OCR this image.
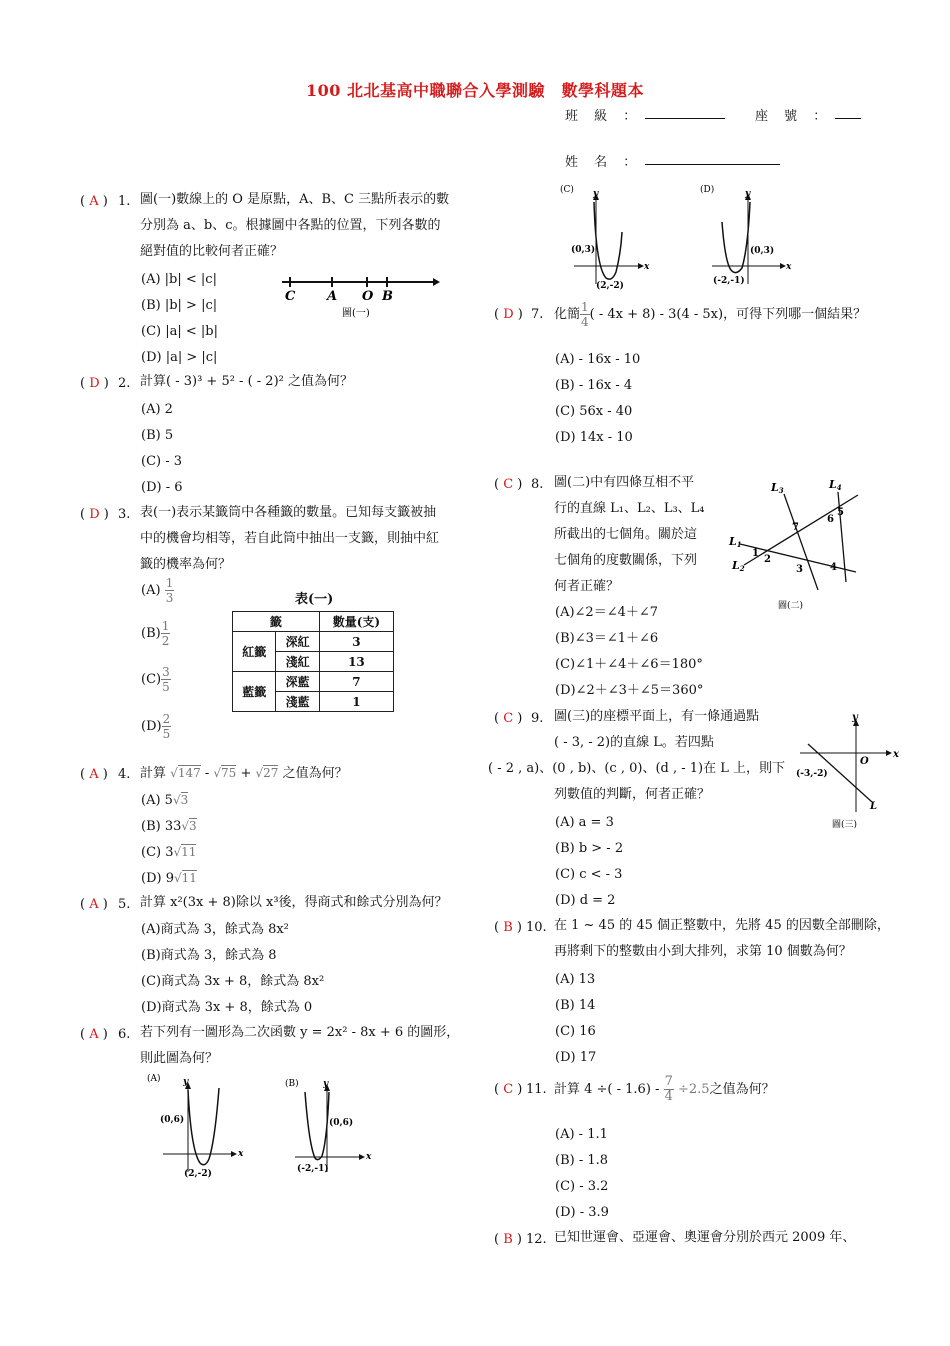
100 北北基高中職聯合入學測驗　數學科題本
班 級 ：	座 號 ：
姓 名 ：
( A ) 1. 圖(一)數線上的 O 是原點，A、B、C 三點所表示的數
分別為 a、b、c。根據圖中各點的位置，下列各數的
絕對值的比較何者正確？
(A) |b| < |c|
(B) |b| > |c|
(C) |a| < |b|
(D) |a| > |c|
C A O B
圖(一)
( D ) 2. 計算( - 3)³ + 5² - ( - 2)² 之值為何？
(A) 2
(B) 5
(C) - 3
(D) - 6
( D ) 3. 表(一)表示某籤筒中各種籤的數量。已知每支籤被抽
中的機會均相等，若自此筒中抽出一支籤，則抽中紅
籤的機率為何？
$(A) \frac{1}{3}$
$(B) \frac{1}{2}$
$(C) \frac{3}{5}$
$(D) \frac{2}{5}$
表(一)
籤		數量(支)
紅籤	深紅	3
	淺紅	13
藍籤	深藍	7
	淺藍	1
( A ) 4. 計算 √147 - √75 + √27 之值為何？
(A) 5√3
(B) 33√3
(C) 3√11
(D) 9√11
( A ) 5. 計算 x²(3x + 8)除以 x³後，得商式和餘式分別為何？
(A)商式為 3，餘式為 8x²
(B)商式為 3，餘式為 8
(C)商式為 3x + 8，餘式為 8x²
(D)商式為 3x + 8，餘式為 0
( A ) 6. 若下列有一圖形為二次函數 y = 2x² - 8x + 6 的圖形，
則此圖為何？
(A) y
x
(0,6)
(2,-2)
(B)	y
x
(0,6)
(-2,-1)
(C) y
x
(0,3)
(2,-2)
(D)	y
x
(0,3)
(-2,-1)
( D ) 7. 化簡 $\frac{1}{4}$ ( - 4x + 8) - 3(4 - 5x)，可得下列哪一個結果？
(A) - 16x - 10
(B) - 16x - 4
(C) 56x - 40
(D) 14x - 10
( C ) 8. 圖(二)中有四條互相不平
行的直線 L₁、L₂、L₃、L₄
所截出的七個角。關於這
七個角的度數關係，下列
何者正確？
(A)∠2＝∠4＋∠7
(B)∠3＝∠1＋∠6
(C)∠1＋∠4＋∠6＝180°
(D)∠2＋∠3＋∠5＝360°
L3	L4
L1
L2
1
2
3	4
5
6
7
圖(二)
( C ) 9. 圖(三)的座標平面上，有一條通過點
( - 3, - 2)的直線 L。若四點
( - 2 , a)、(0 , b)、(c , 0)、(d , - 1)在 L 上，則下
列數值的判斷，何者正確？
(A) a = 3
(B) b > - 2
(C) c < - 3
(D) d = 2
y
x
O
L
(-3,-2)
圖(三)
( B ) 10. 在 1 ~ 45 的 45 個正整數中，先將 45 的因數全部刪除，
再將剩下的整數由小到大排列，求第 10 個數為何？
(A) 13
(B) 14
(C) 16
(D) 17
( C ) 11. 計算 4 ÷( - $1.6) - \frac{7}{4} \div 2.5$之值為何？
(A) - 1.1
(B) - 1.8
(C) - 3.2
(D) - 3.9
( B ) 12. 已知世運會、亞運會、奧運會分別於西元 2009 年、
